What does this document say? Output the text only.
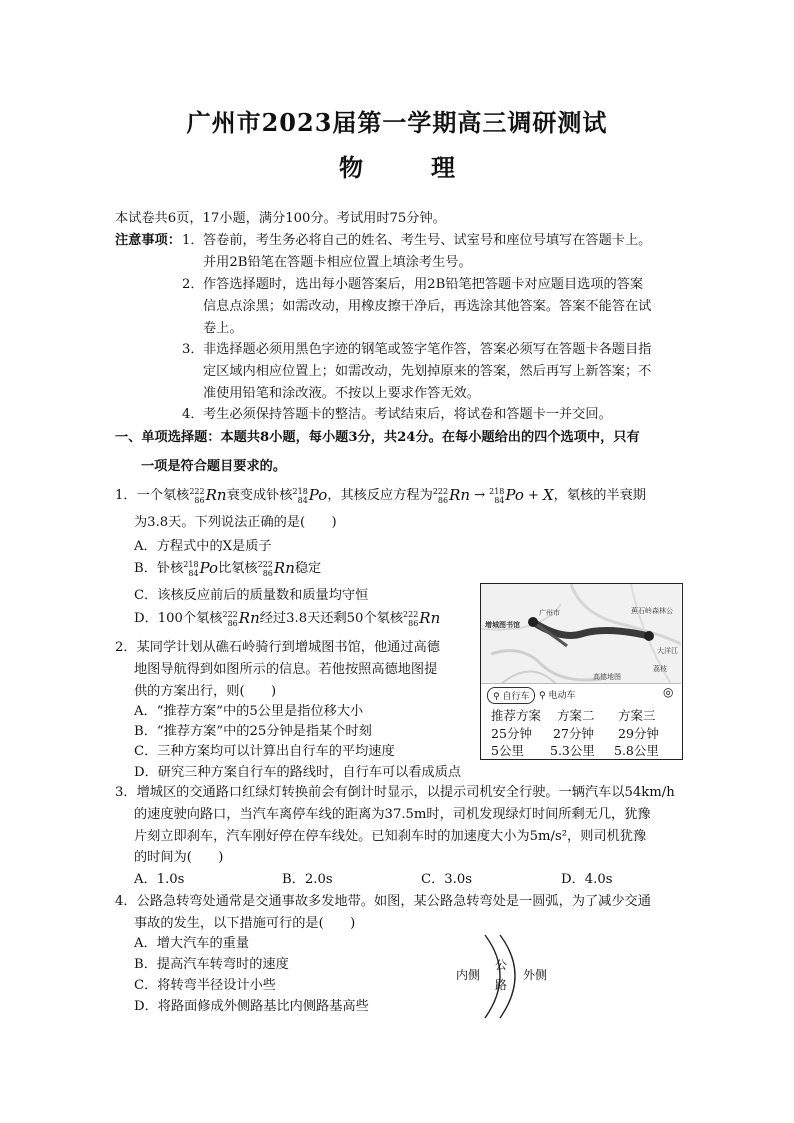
广州市2023届第一学期高三调研测试
物　理
本试卷共6页，17小题，满分100分。考试用时75分钟。
注意事项： 1． 答卷前，考生务必将自己的姓名、考生号、试室号和座位号填写在答题卡上。
并用2B铅笔在答题卡相应位置上填涂考生号。
2． 作答选择题时，选出每小题答案后，用2B铅笔把答题卡对应题目选项的答案
信息点涂黑；如需改动，用橡皮擦干净后，再选涂其他答案。答案不能答在试
卷上。
3． 非选择题必须用黑色字迹的钢笔或签字笔作答，答案必须写在答题卡各题目指
定区域内相应位置上；如需改动，先划掉原来的答案，然后再写上新答案；不
准使用铅笔和涂改液。不按以上要求作答无效。
4． 考生必须保持答题卡的整洁。考试结束后，将试卷和答题卡一并交回。
一、单项选择题：本题共8小题，每小题3分，共24分。在每小题给出的四个选项中，只有
一项是符合题目要求的。
1． 一个氡核 222
86 Rn 衰变成钋核 218
84 Po ，其核反应方程为 222
86 Rn → 218
84 Po + X ，氡核的半衰期
为3.8天。下列说法正确的是(　　)
A．方程式中的X是质子
B．钋核 218
84 Po 比氡核 222
86 Rn 稳定
C．该核反应前后的质量数和质量均守恒
D．100个氡核 222
86 Rn 经过3.8天还剩50个氡核 222
86 Rn
2．某同学计划从礁石岭骑行到增城图书馆，他通过高德
地图导航得到如图所示的信息。若他按照高德地图提
供的方案出行，则(　　)
A．“推荐方案”中的5公里是指位移大小
B．“推荐方案”中的25分钟是指某个时刻
C．三种方案均可以计算出自行车的平均速度
D．研究三种方案自行车的路线时，自行车可以看成质点
增城图书馆
广州市	蕉石岭森林公
大洋江
高德地图
荔枝
⚲ 自行车	⚲ 电动车	◎
推荐方案 方案二 方案三
25分钟 27分钟 29分钟
5公里 5.3公里 5.8公里
3．增城区的交通路口红绿灯转换前会有倒计时显示，以提示司机安全行驶。一辆汽车以54km/h
的速度驶向路口，当汽车离停车线的距离为37.5m时，司机发现绿灯时间所剩无几，犹豫
片刻立即刹车，汽车刚好停在停车线处。已知刹车时的加速度大小为5m/s²，则司机犹豫
的时间为(　　)
A．1.0s	B．2.0s	C．3.0s	D．4.0s
4．公路急转弯处通常是交通事故多发地带。如图，某公路急转弯处是一圆弧，为了减少交通
事故的发生，以下措施可行的是(　　)
A．增大汽车的重量
B．提高汽车转弯时的速度
C．将转弯半径设计小些
D．将路面修成外侧路基比内侧路基高些
内侧
公
路
外侧
